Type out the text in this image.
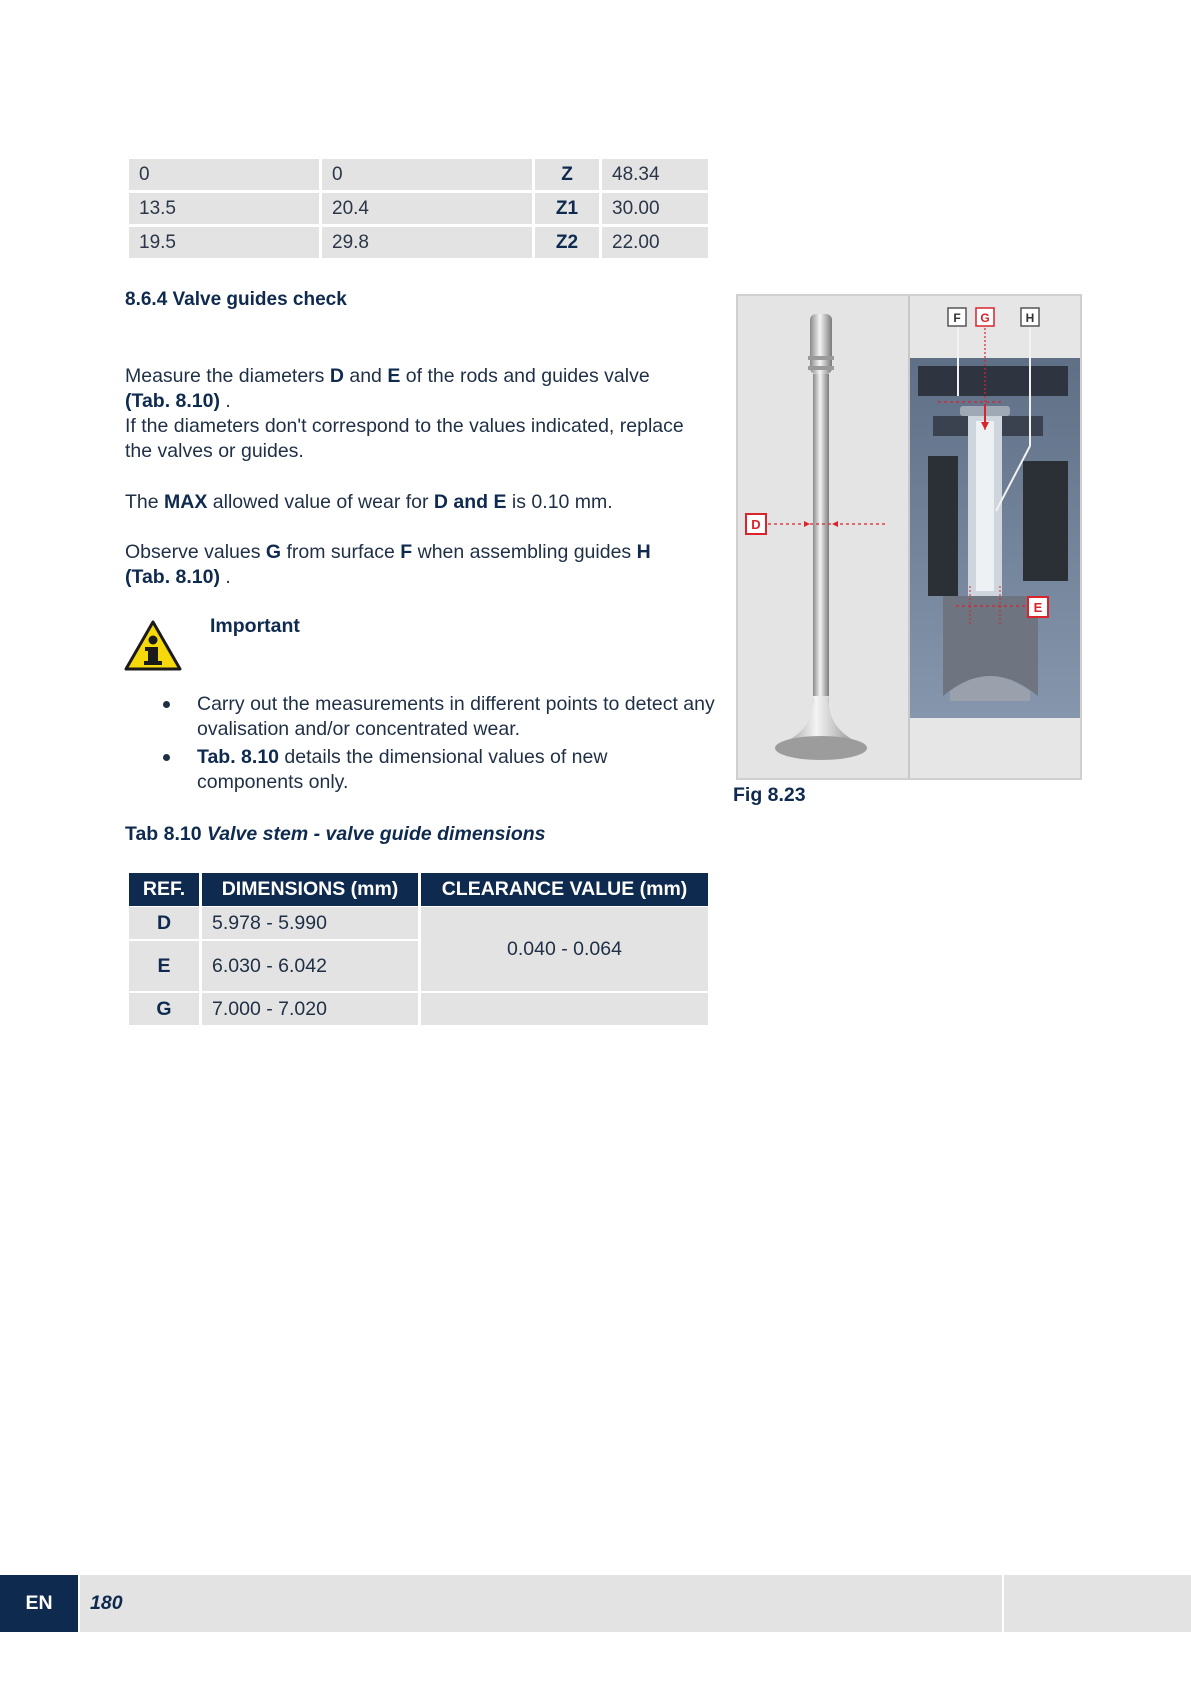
0	0	Z	48.34
13.5	20.4	Z1	30.00
19.5	29.8	Z2	22.00
8.6.4 Valve guides check

Measure the diameters D and E of the rods and guides valve
(Tab. 8.10) .
If the diameters don't correspond to the values indicated, replace the valves or guides.

The MAX allowed value of wear for D and E is 0.10 mm.

Observe values G from surface F when assembling guides H
(Tab. 8.10) .

Important

Carry out the measurements in different points to detect any ovalisation and/or concentrated wear.
Tab. 8.10 details the dimensional values of new components only.

Tab 8.10 Valve stem - valve guide dimensions

REF.	DIMENSIONS (mm)	CLEARANCE VALUE (mm)
D	5.978 - 5.990	0.040 - 0.064
E	6.030 - 6.042	
G	7.000 - 7.020	
D
F G	H
E

Fig 8.23

EN	180
